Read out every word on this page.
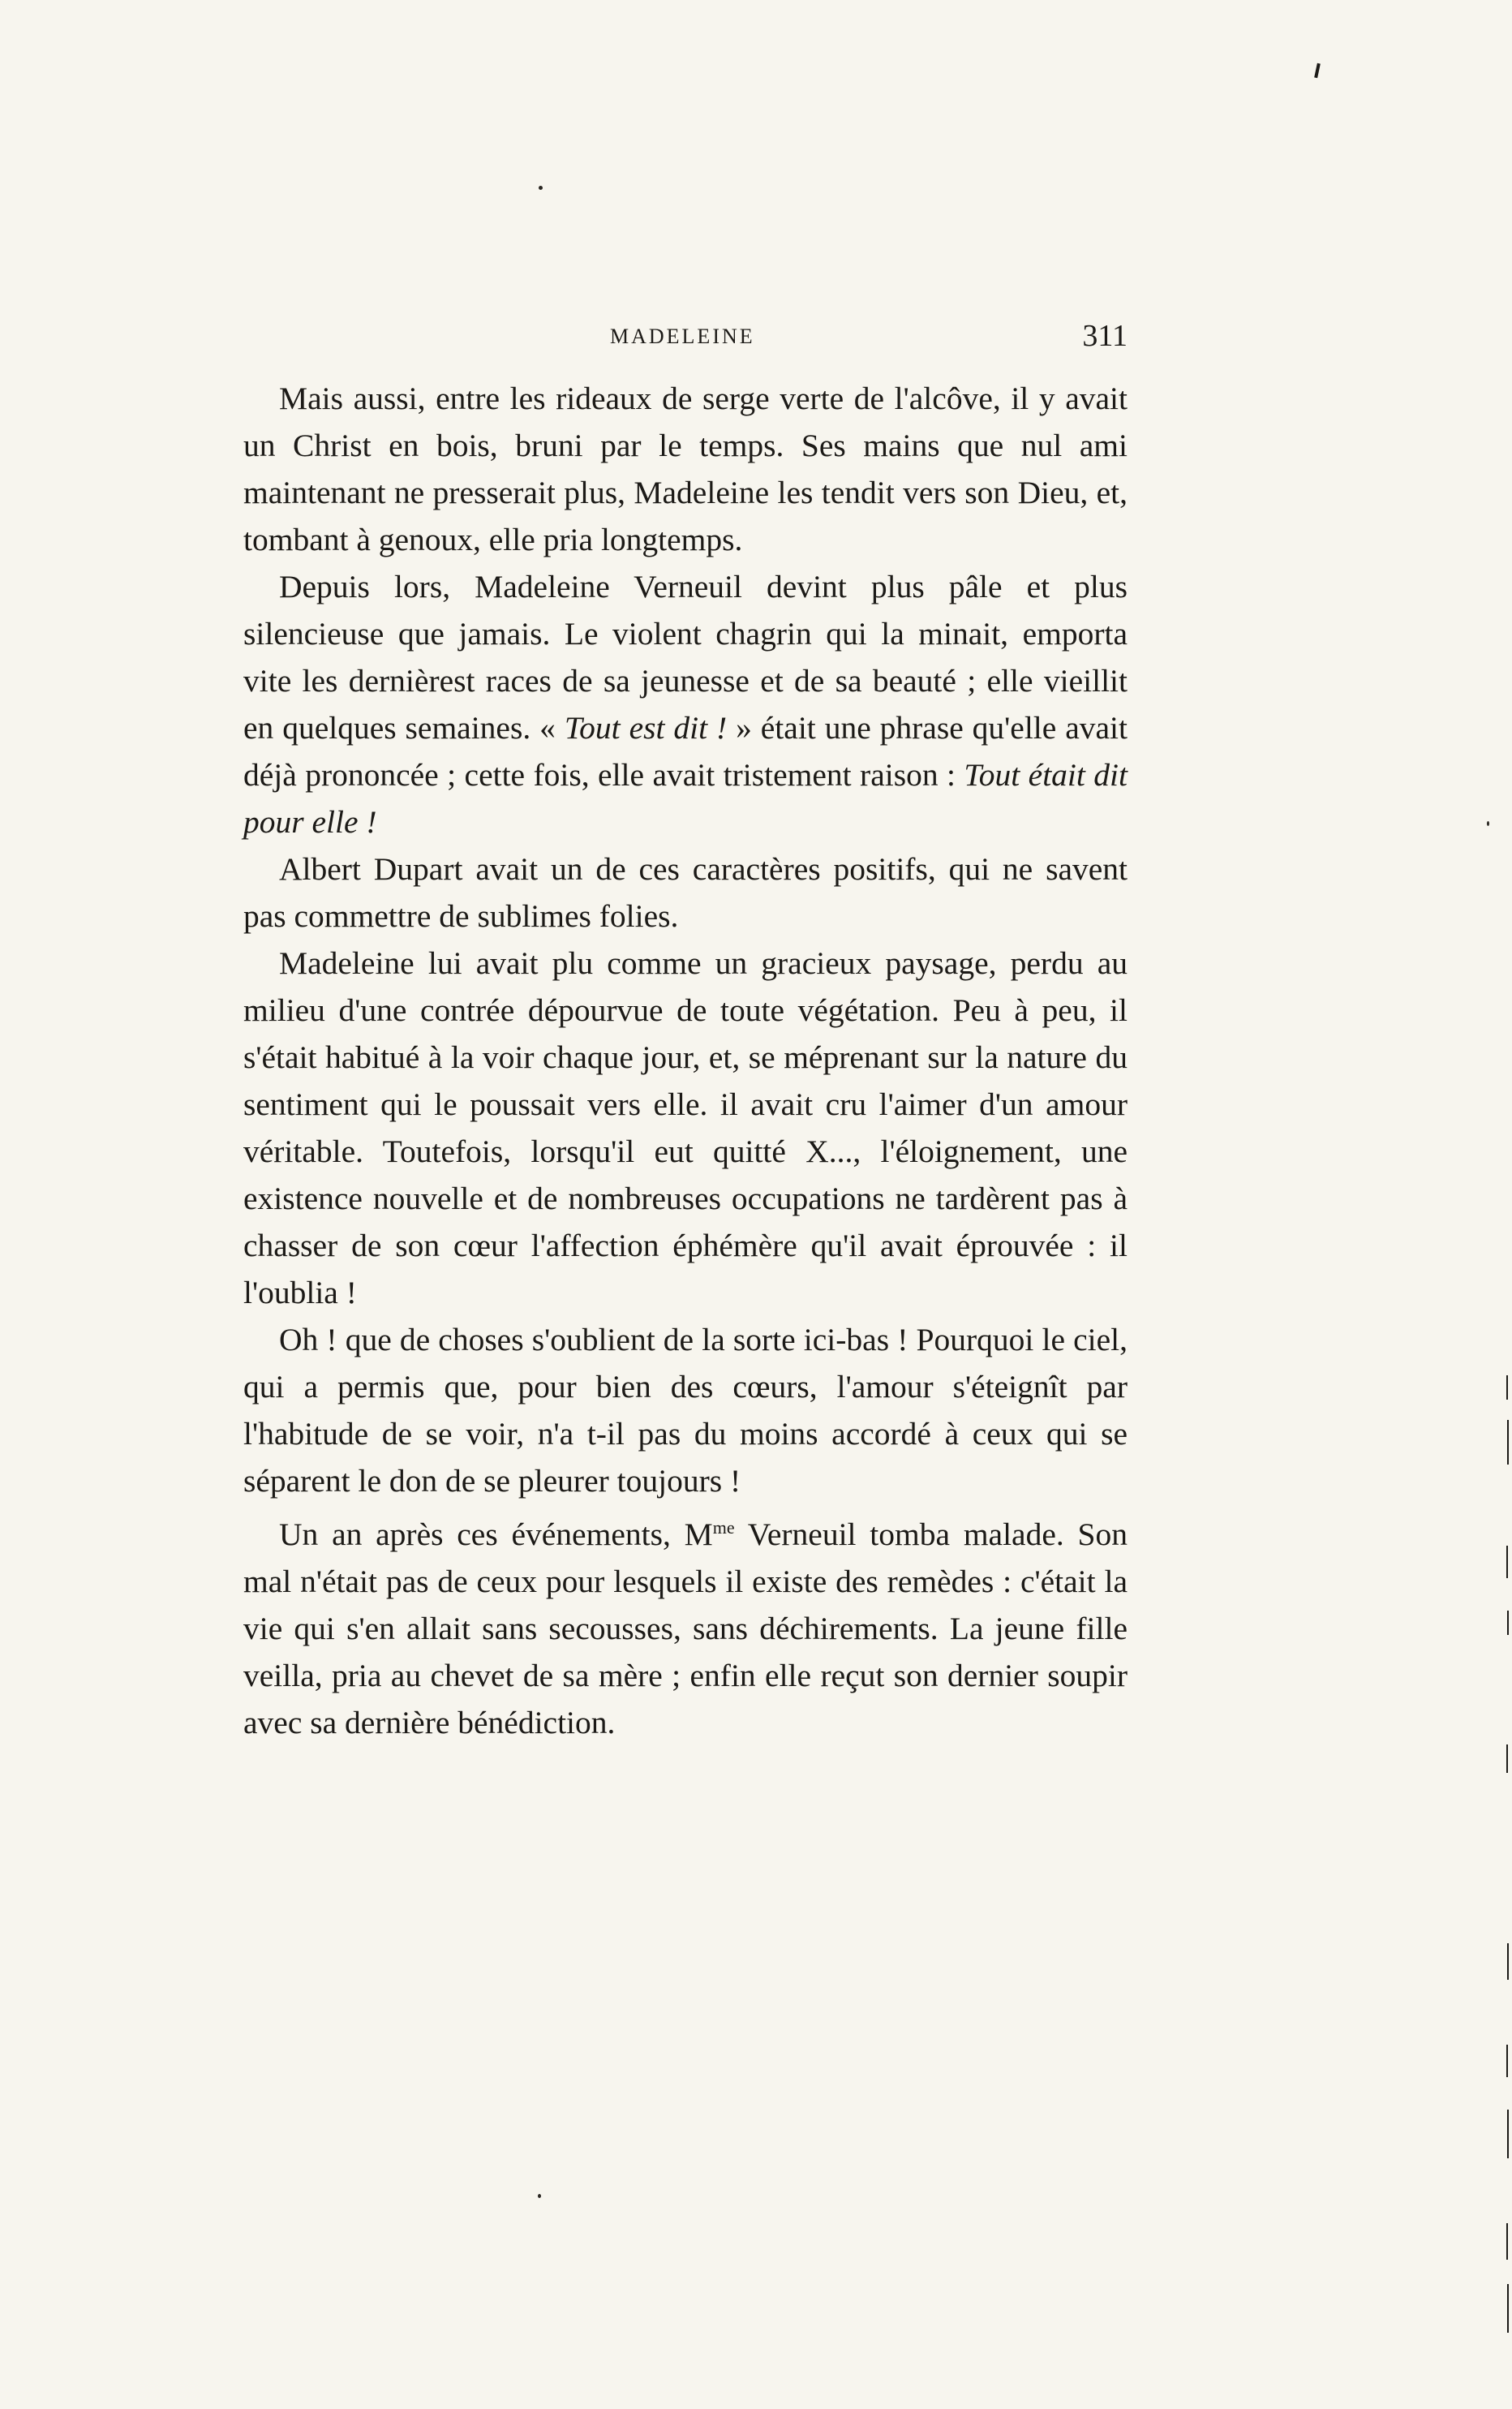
MADELEINE	311

Mais aussi, entre les rideaux de serge verte de l'alcôve, il y avait un Christ en bois, bruni par le temps. Ses mains que nul ami maintenant ne presserait plus, Madeleine les tendit vers son Dieu, et, tombant à genoux, elle pria longtemps.

Depuis lors, Madeleine Verneuil devint plus pâle et plus silencieuse que jamais. Le violent chagrin qui la minait, emporta vite les dernièrest races de sa jeunesse et de sa beauté ; elle vieillit en quelques semaines. « Tout est dit ! » était une phrase qu'elle avait déjà prononcée ; cette fois, elle avait tristement raison : Tout était dit pour elle !

Albert Dupart avait un de ces caractères positifs, qui ne savent pas commettre de sublimes folies.

Madeleine lui avait plu comme un gracieux paysage, perdu au milieu d'une contrée dépourvue de toute végétation. Peu à peu, il s'était habitué à la voir chaque jour, et, se méprenant sur la nature du sentiment qui le poussait vers elle. il avait cru l'aimer d'un amour véritable. Toutefois, lorsqu'il eut quitté X..., l'éloignement, une existence nouvelle et de nombreuses occupations ne tardèrent pas à chasser de son cœur l'affection éphémère qu'il avait éprouvée : il l'oublia !

Oh ! que de choses s'oublient de la sorte ici-bas ! Pourquoi le ciel, qui a permis que, pour bien des cœurs, l'amour s'éteignît par l'habitude de se voir, n'a t-il pas du moins accordé à ceux qui se séparent le don de se pleurer toujours !

Un an après ces événements, $M^{me}$ Verneuil tomba malade. Son mal n'était pas de ceux pour lesquels il existe des remèdes : c'était la vie qui s'en allait sans secousses, sans déchirements. La jeune fille veilla, pria au chevet de sa mère ; enfin elle reçut son dernier soupir avec sa dernière bénédiction.
